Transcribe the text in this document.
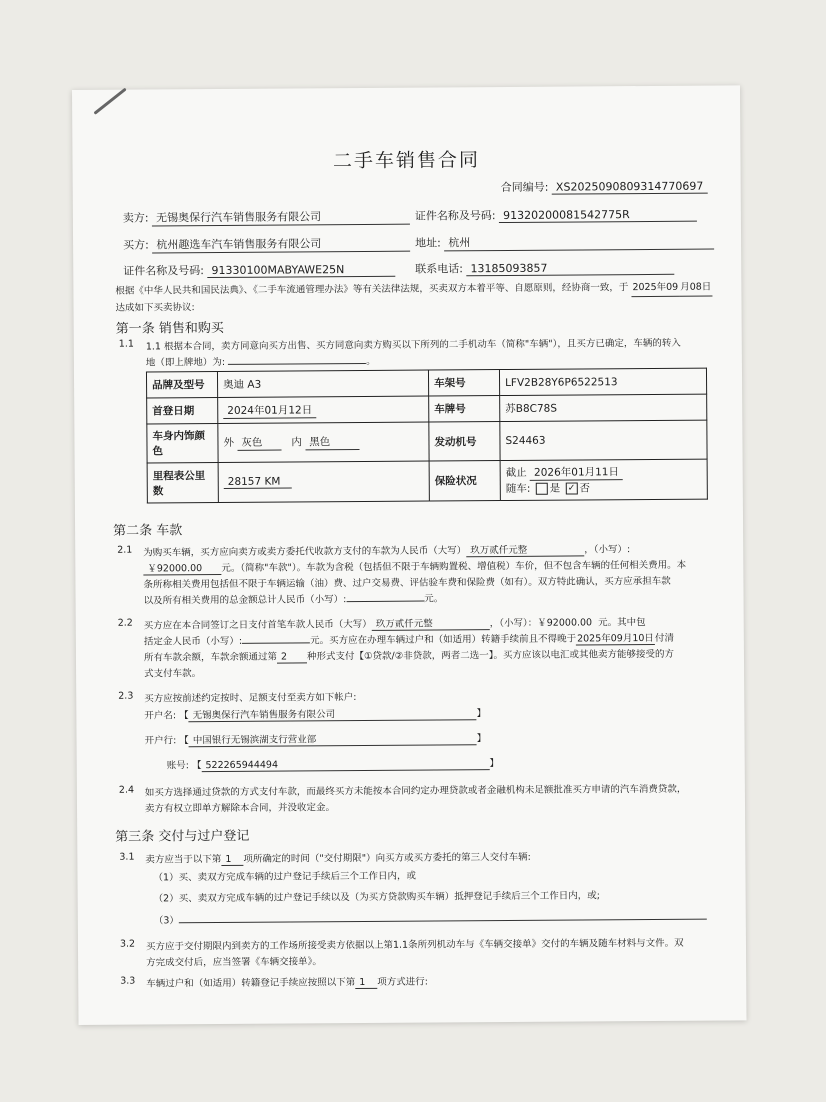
二手车销售合同
合同编号: XS2025090809314770697
卖方: 无锡奥保行汽车销售服务有限公司	证件名称及号码: 91320200081542775R
买方: 杭州趣选车汽车销售服务有限公司	地址: 杭州
证件名称及号码: 91330100MABYAWE25N	联系电话: 13185093857
根据《中华人民共和国民法典》、《二手车流通管理办法》等有关法律法规，买卖双方本着平等、自愿原则，经协商一致，于 2025年09 月08日 达成如下买卖协议:
第一条 销售和购买
1.1 1.1 根据本合同，卖方同意向买方出售、买方同意向卖方购买以下所列的二手机动车（简称"车辆"），且买方已确定，车辆的转入
地（即上牌地）为:	。
品牌及型号	奥迪 A3	车架号	LFV2B28Y6P6522513
首登日期	2024年01月12日	车牌号	苏B8C78S
车身内饰颜色	外 灰色 内 黑色	发动机号	S24463
里程表公里数	28157 KM	保险状况	截止 2026年01月11日
随车: 是 ✓ 否
第二条 车款
2.1 为购买车辆，买方应向卖方或卖方委托代收款方支付的车款为人民币（大写） 玖万贰仟元整	，（小写）:
￥92000.00 元。（简称"车款"）。车款为含税（包括但不限于车辆购置税、增值税）车价，但不包含车辆的任何相关费用。本
条所称相关费用包括但不限于车辆运输（油）费、过户交易费、评估验车费和保险费（如有）。双方特此确认，买方应承担车款
以及所有相关费用的总金额总计人民币（小写）:	元。
2.2 买方应在本合同签订之日支付首笔车款人民币（大写） 玖万贰仟元整	，（小写）：￥92000.00 元。其中包
括定金人民币（小写）:	元。买方应在办理车辆过户和（如适用）转籍手续前且不得晚于2025年09月10日付清
所有车款余额，车款余额通过第 2 种形式支付【①贷款/②非贷款，两者二选一】。买方应该以电汇或其他卖方能够接受的方
式支付车款。
2.3 买方应按前述约定按时、足额支付至卖方如下帐户:
开户名: 【 无锡奥保行汽车销售服务有限公司	】
开户行: 【 中国银行无锡滨湖支行营业部	】
账号: 【 522265944494	】
2.4 如买方选择通过贷款的方式支付车款，而最终买方未能按本合同约定办理贷款或者金融机构未足额批准买方申请的汽车消费贷款，
卖方有权立即单方解除本合同，并没收定金。
第三条 交付与过户登记
3.1 卖方应当于以下第 1 项所确定的时间（"交付期限"）向买方或买方委托的第三人交付车辆:
（1）买、卖双方完成车辆的过户登记手续后三个工作日内，或
（2）买、卖双方完成车辆的过户登记手续以及（为买方贷款购买车辆）抵押登记手续后三个工作日内，或;
（3）
3.2 买方应于交付期限内到卖方的工作场所接受卖方依据以上第1.1条所列机动车与《车辆交接单》交付的车辆及随车材料与文件。双
方完成交付后，应当签署《车辆交接单》。
3.3 车辆过户和（如适用）转籍登记手续应按照以下第 1 项方式进行:
